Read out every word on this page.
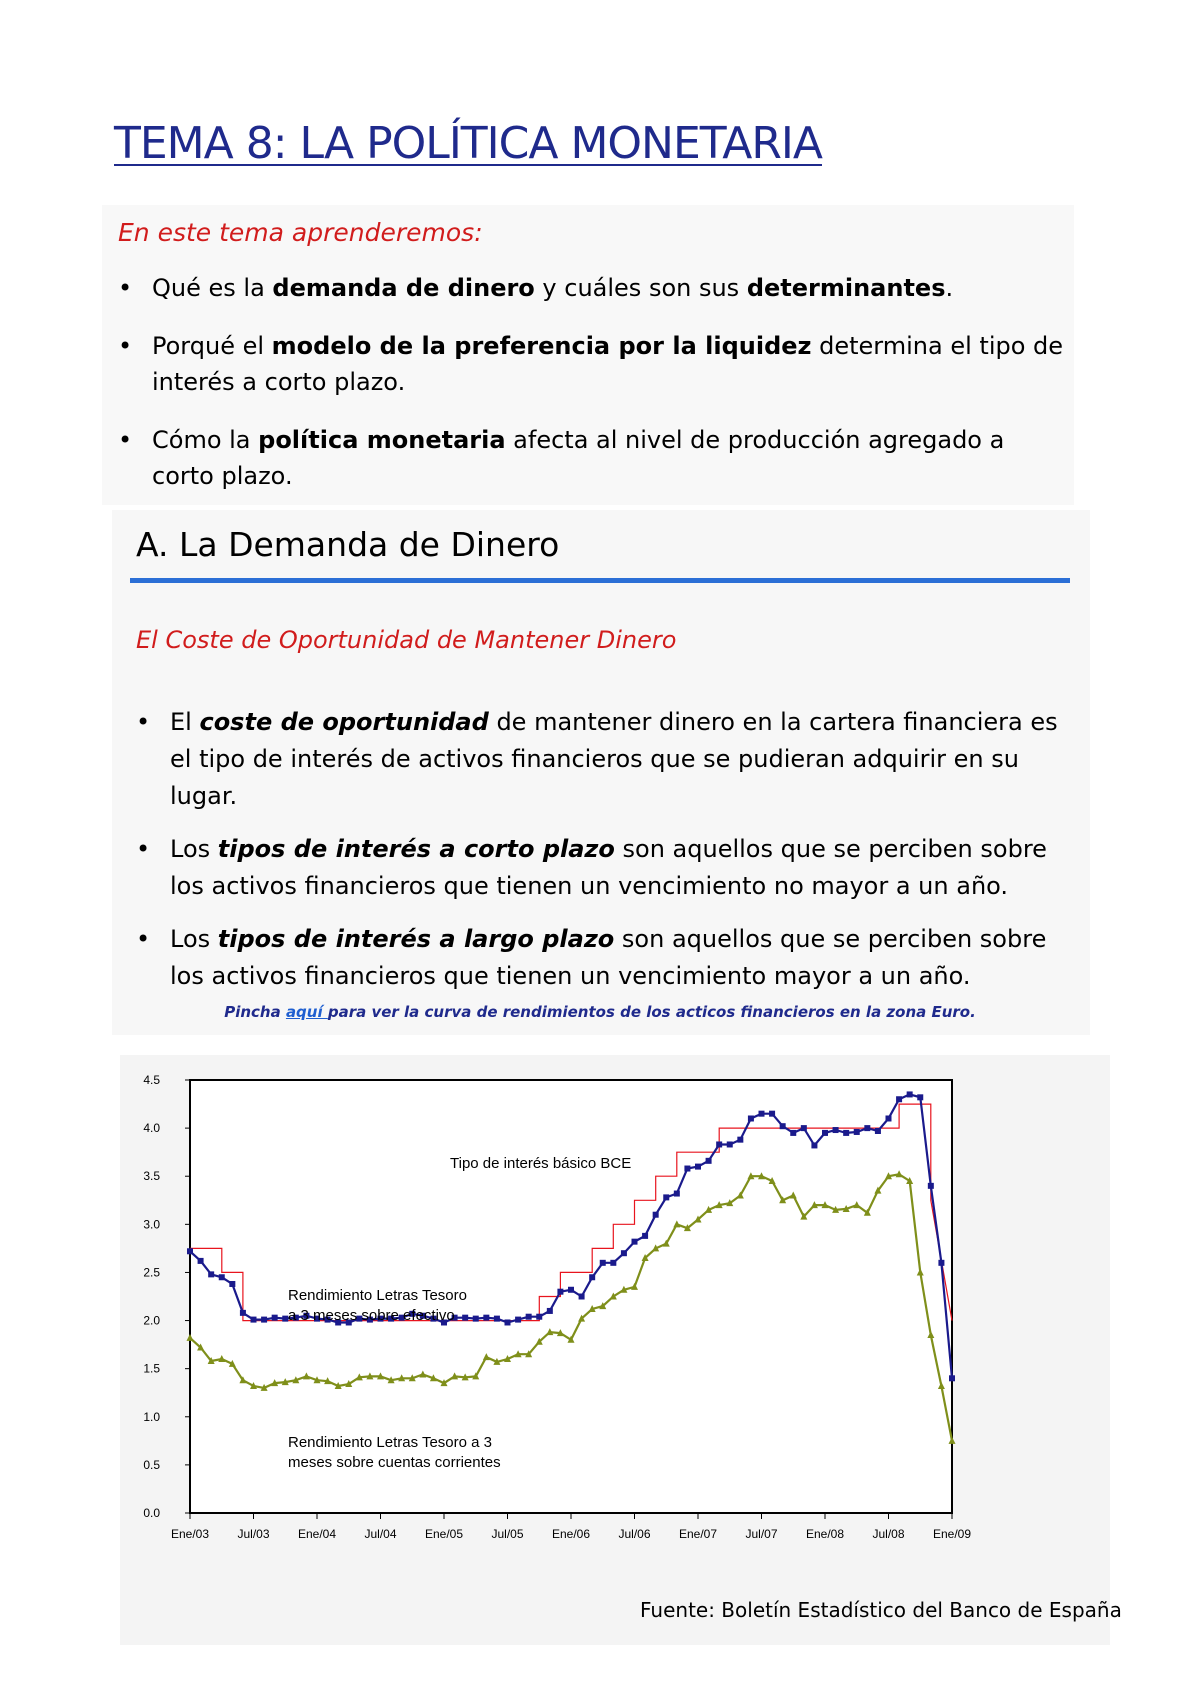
TEMA 8: LA POLÍTICA MONETARIA
En este tema aprenderemos:
• Qué es la demanda de dinero y cuáles son sus determinantes.
• Porqué el modelo de la preferencia por la liquidez determina el tipo de interés a corto plazo.
• Cómo la política monetaria afecta al nivel de producción agregado a corto plazo.
A. La Demanda de Dinero
El Coste de Oportunidad de Mantener Dinero
• El coste de oportunidad de mantener dinero en la cartera financiera es el tipo de interés de activos financieros que se pudieran adquirir en su lugar.
• Los tipos de interés a corto plazo son aquellos que se perciben sobre los activos financieros que tienen un vencimiento no mayor a un año.
• Los tipos de interés a largo plazo son aquellos que se perciben sobre los activos financieros que tienen un vencimiento mayor a un año.
Pincha aquí para ver la curva de rendimientos de los acticos financieros en la zona Euro.
0.0
0.5
1.0
1.5
2.0
2.5
3.0
3.5
4.0
4.5
Ene/03 Jul/03 Ene/04 Jul/04 Ene/05 Jul/05 Ene/06 Jul/06 Ene/07 Jul/07 Ene/08 Jul/08 Ene/09
Tipo de interés básico BCE
Rendimiento Letras Tesoro
a 3 meses sobre efectivo
Rendimiento Letras Tesoro a 3
meses sobre cuentas corrientes
Fuente: Boletín Estadístico del Banco de España
